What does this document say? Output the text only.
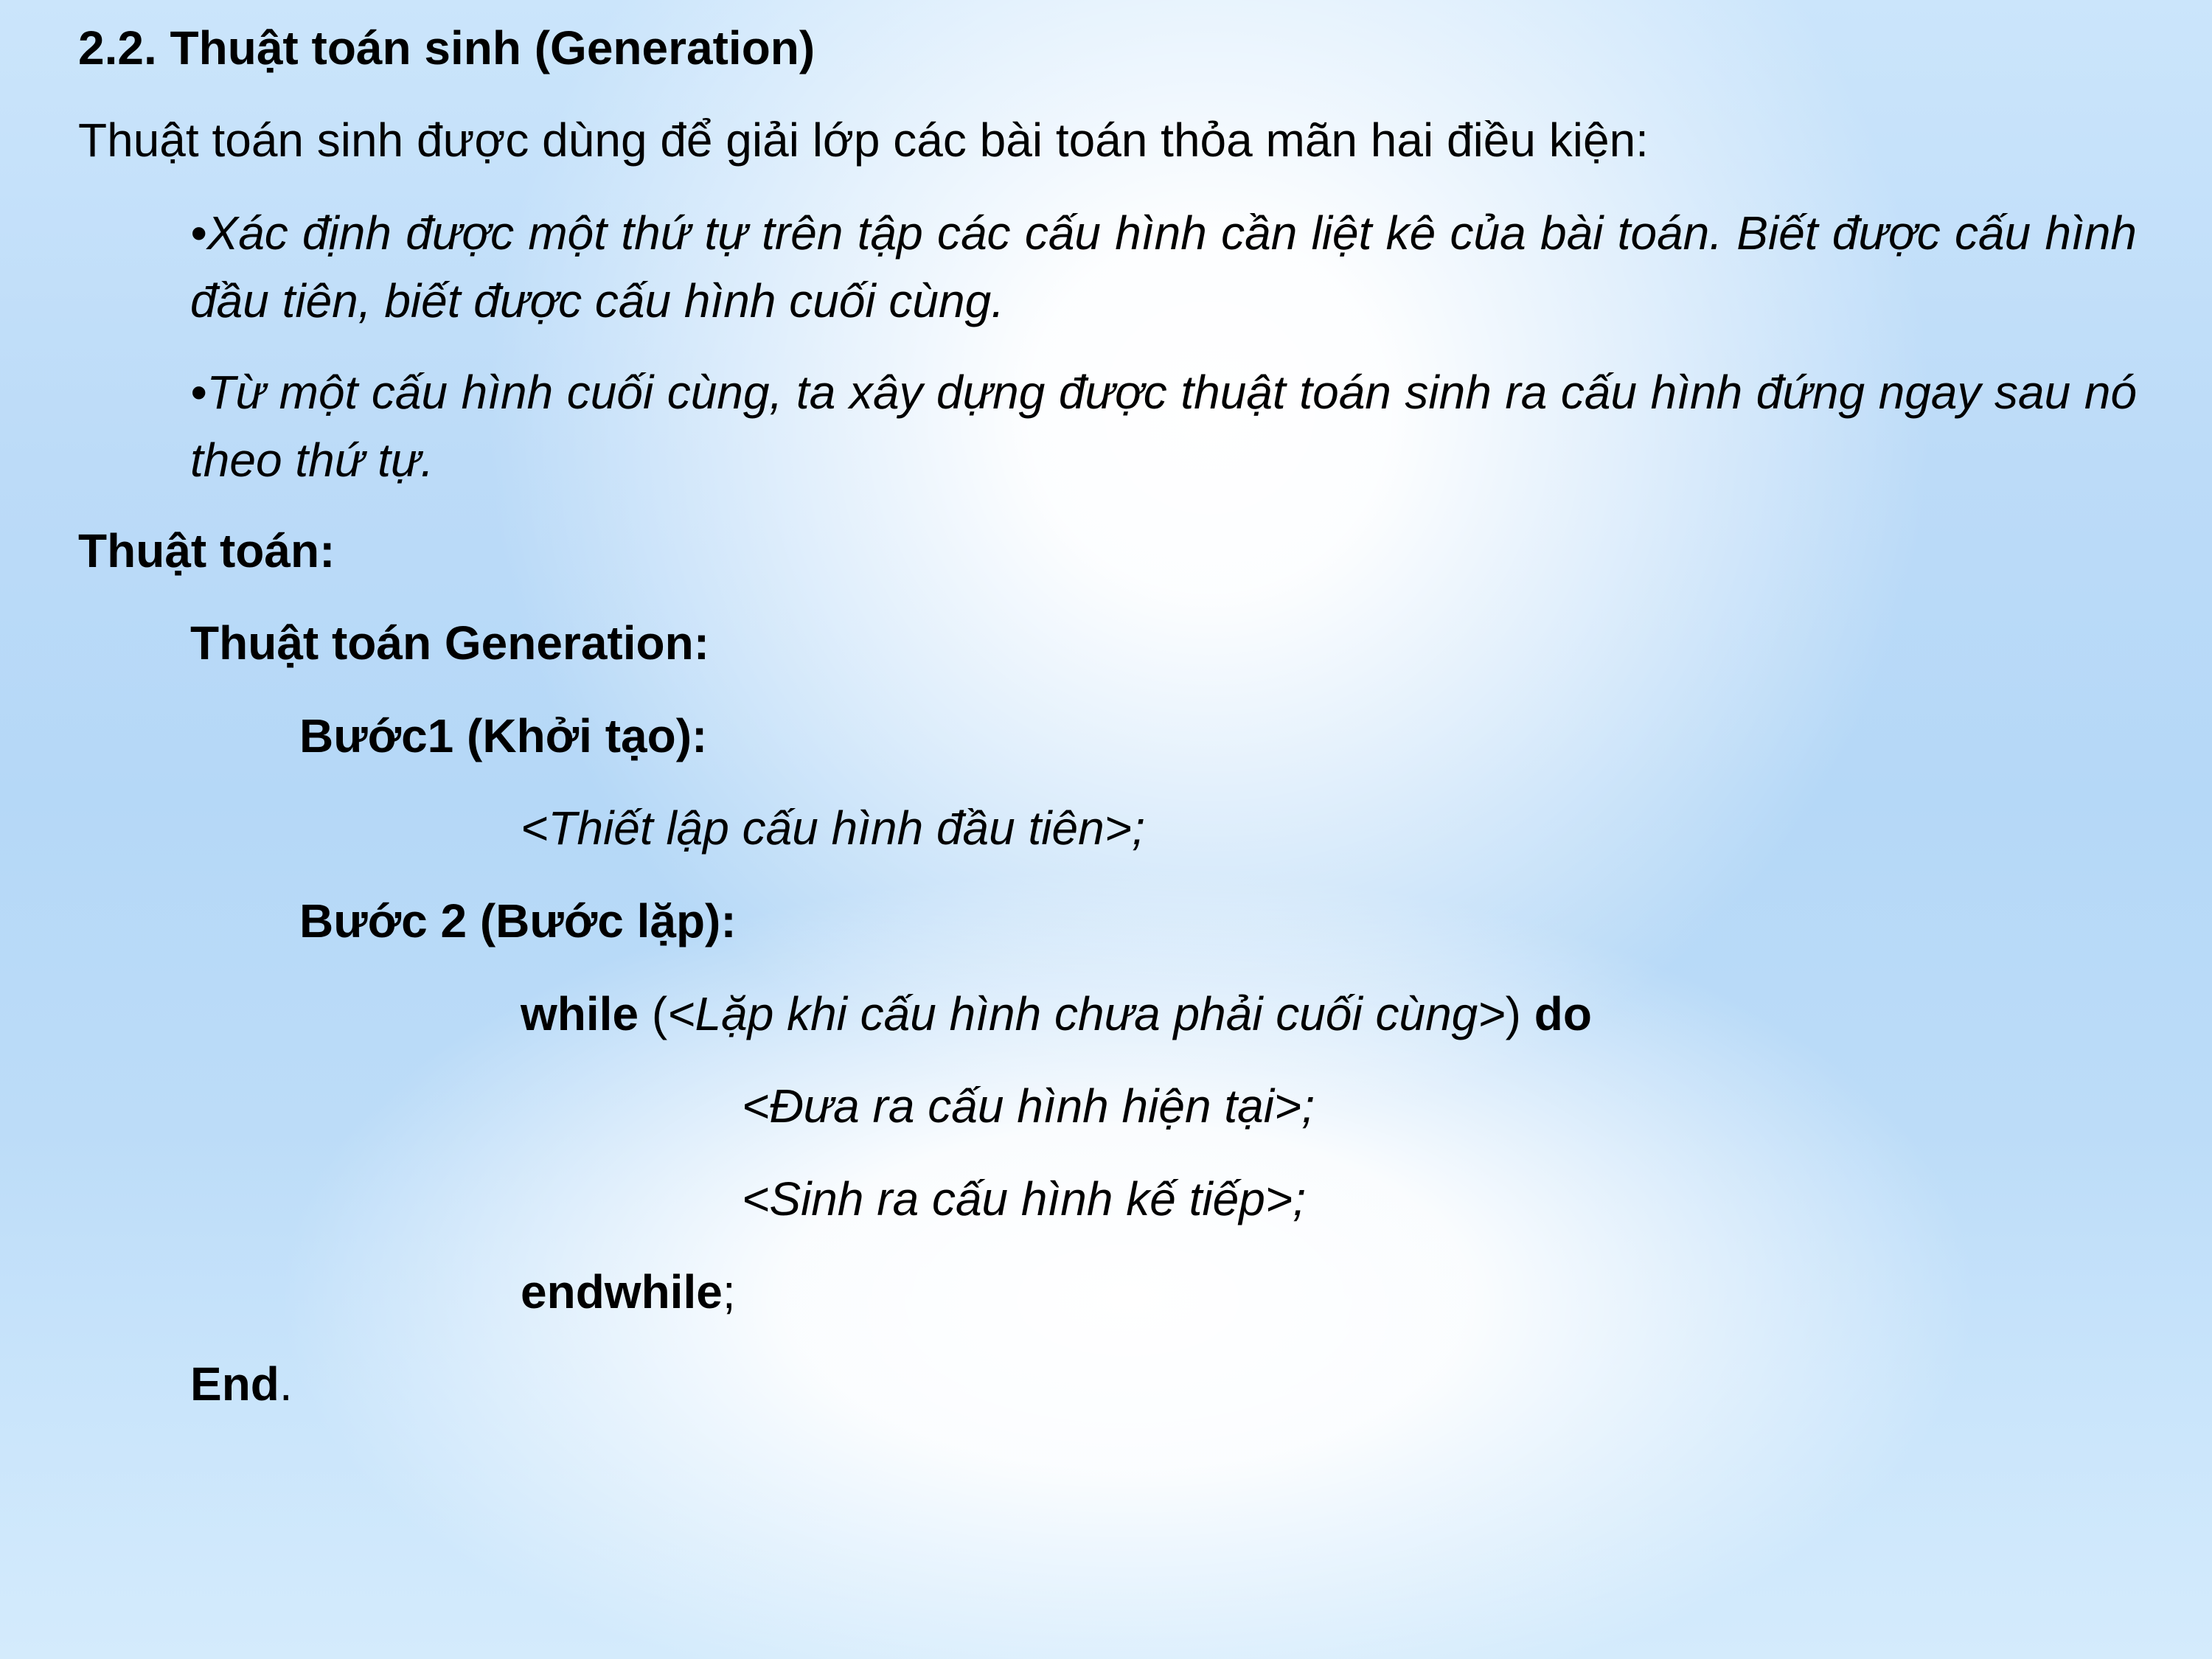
2.2. Thuật toán sinh (Generation)
Thuật toán sinh được dùng để giải lớp các bài toán thỏa mãn hai điều kiện:
•Xác định được một thứ tự trên tập các cấu hình cần liệt kê của bài toán. Biết được cấu hình đầu tiên, biết được cấu hình cuối cùng.
•Từ một cấu hình cuối cùng, ta xây dựng được thuật toán sinh ra cấu hình đứng ngay sau nó theo thứ tự.
Thuật toán:
Thuật toán Generation:
Bước1 (Khởi tạo):
<Thiết lập cấu hình đầu tiên>;
Bước 2 (Bước lặp):
while (<Lặp khi cấu hình chưa phải cuối cùng>) do
<Đưa ra cấu hình hiện tại>;
<Sinh ra cấu hình kế tiếp>;
endwhile;
End.
